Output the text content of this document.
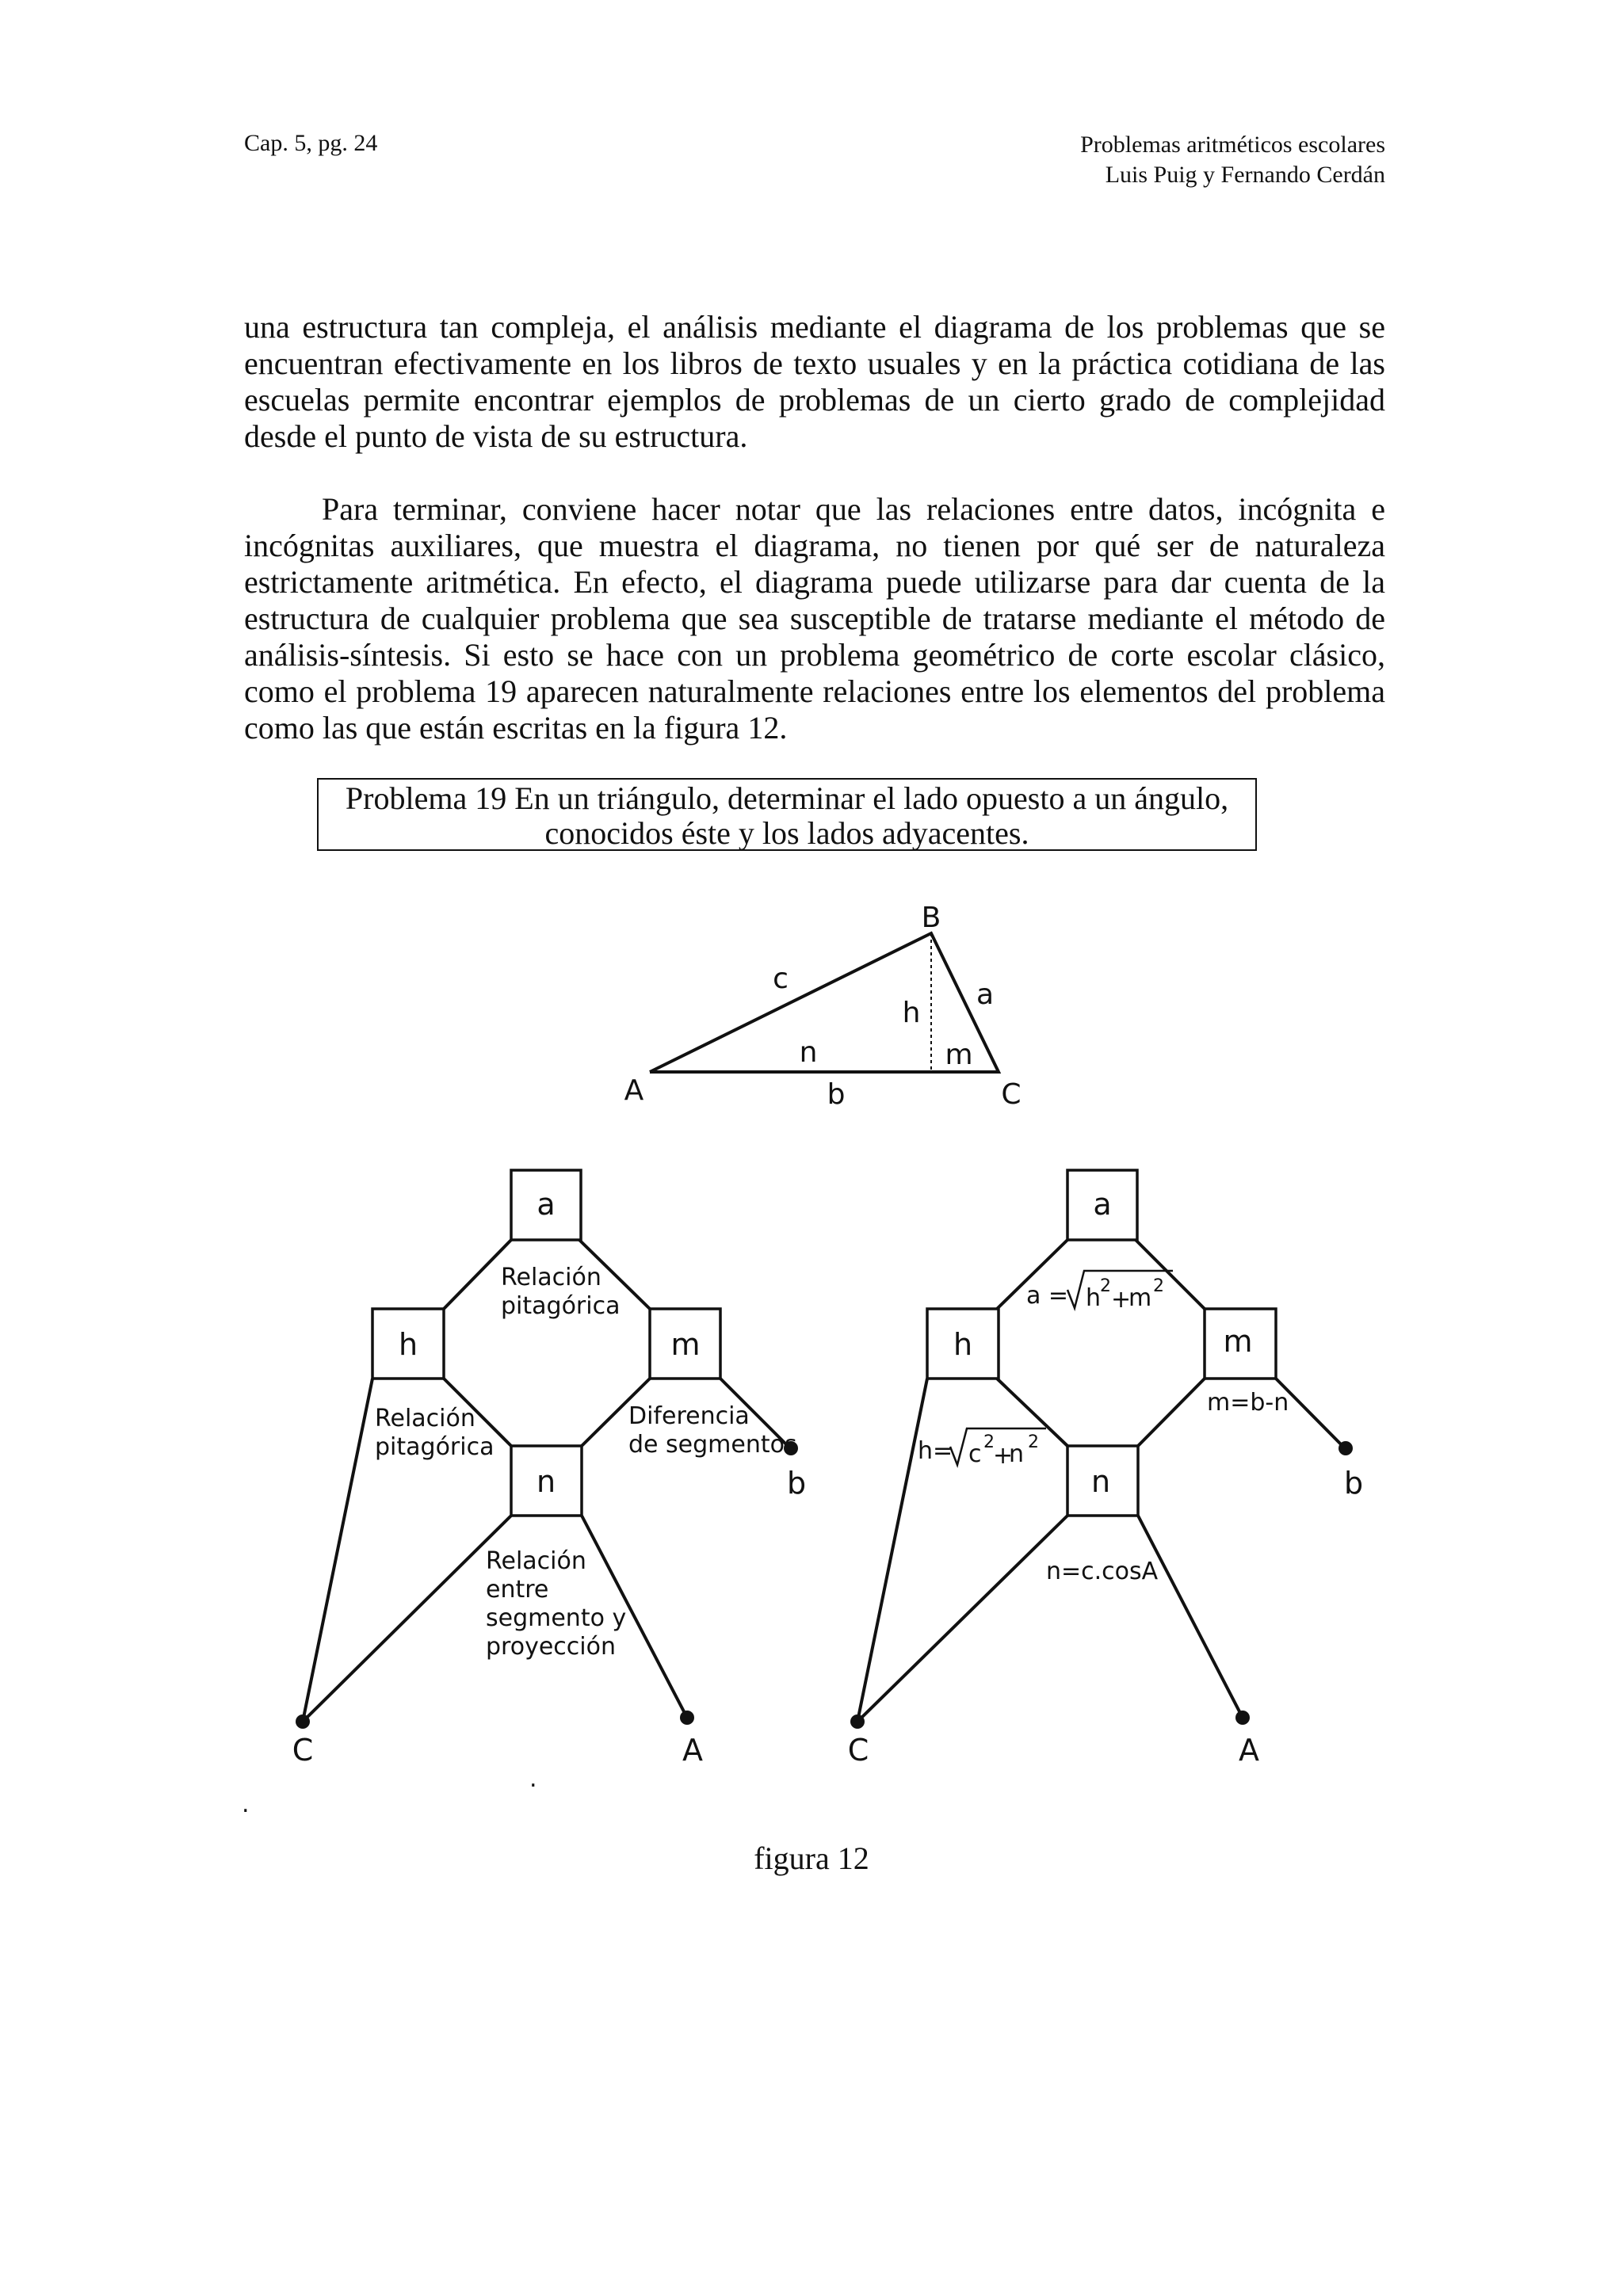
Cap. 5, pg. 24	Problemas aritméticos escolares
Luis Puig y Fernando Cerdán
una estructura tan compleja, el análisis mediante el diagrama de los problemas que se encuentran efectivamente en los libros de texto usuales y en la práctica cotidiana de las escuelas permite encontrar ejemplos de problemas de un cierto grado de complejidad desde el punto de vista de su estructura.
Para terminar, conviene hacer notar que las relaciones entre datos, incógnita e incógnitas auxiliares, que muestra el diagrama, no tienen por qué ser de naturaleza estrictamente aritmética. En efecto, el diagrama puede utilizarse para dar cuenta de la estructura de cualquier problema que sea susceptible de tratarse mediante el método de análisis-síntesis. Si esto se hace con un problema geométrico de corte escolar clásico, como el problema 19 aparecen naturalmente relaciones entre los elementos del problema como las que están escritas en la figura 12.
Problema 19 En un triángulo, determinar el lado opuesto a un ángulo,
conocidos éste y los lados adyacentes.
B
A	C
c	a
b
h
n	m
a
h	m
n	b
C	A
Relación
pitagórica
Relación
pitagórica
Diferencia
de segmentos
Relación
entre
segmento y
proyección
a
h	m
n	b
C	A
a = h
2 +
m 2
h= c 2
+
n 2
m=b-n
n=c.cosA
.
.
figura 12
